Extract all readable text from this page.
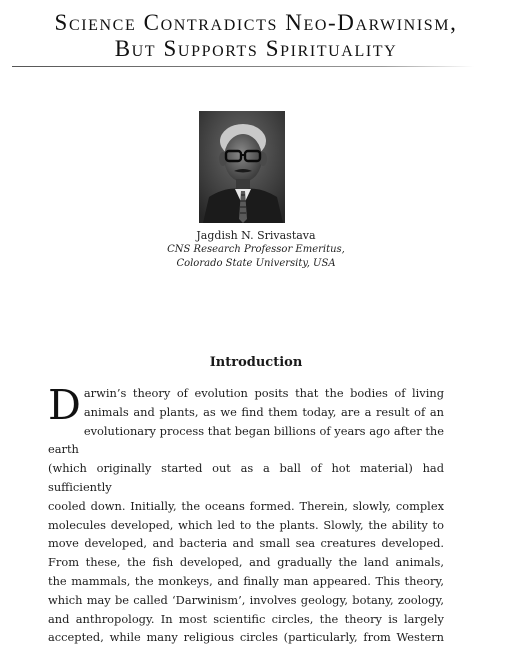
Science Contradicts Neo-Darwinism,
But Supports Spirituality
Jagdish N. Srivastava
CNS Research Professor Emeritus,
Colorado State University, USA
Introduction
D arwin’s theory of evolution posits that the bodies of living
animals and plants, as we find them today, are a result of an
evolutionary process that began billions of years ago after the earth
(which originally started out as a ball of hot material) had sufficiently
cooled down. Initially, the oceans formed. Therein, slowly, complex
molecules developed, which led to the plants. Slowly, the ability to
move developed, and bacteria and small sea creatures developed.
From these, the fish developed, and gradually the land animals,
the mammals, the monkeys, and finally man appeared. This theory,
which may be called ‘Darwinism’, involves geology, botany, zoology,
and anthropology. In most scientific circles, the theory is largely
accepted, while many religious circles (particularly, from Western
